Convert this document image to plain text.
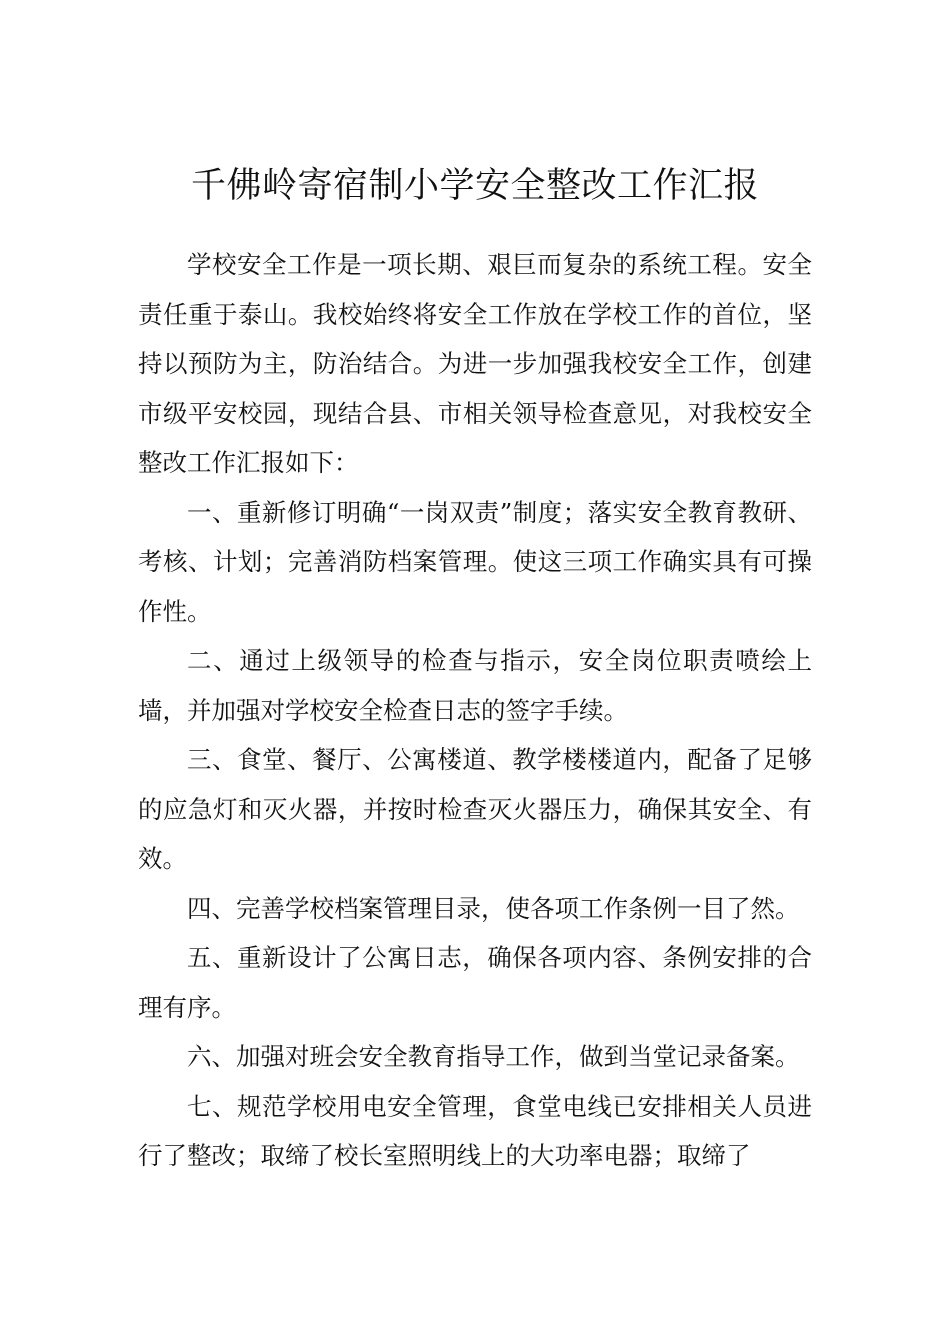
千佛岭寄宿制小学安全整改工作汇报

学校安全工作是一项长期、艰巨而复杂的系统工程。安全责任重于泰山。我校始终将安全工作放在学校工作的首位，坚持以预防为主，防治结合。为进一步加强我校安全工作，创建市级平安校园，现结合县、市相关领导检查意见，对我校安全整改工作汇报如下：

一、重新修订明确“一岗双责”制度；落实安全教育教研、考核、计划；完善消防档案管理。使这三项工作确实具有可操作性。

二、通过上级领导的检查与指示，安全岗位职责喷绘上墙，并加强对学校安全检查日志的签字手续。

三、食堂、餐厅、公寓楼道、教学楼楼道内，配备了足够的应急灯和灭火器，并按时检查灭火器压力，确保其安全、有效。

四、完善学校档案管理目录，使各项工作条例一目了然。

五、重新设计了公寓日志，确保各项内容、条例安排的合理有序。

六、加强对班会安全教育指导工作，做到当堂记录备案。

七、规范学校用电安全管理，食堂电线已安排相关人员进行了整改；取缔了校长室照明线上的大功率电器；取缔了
